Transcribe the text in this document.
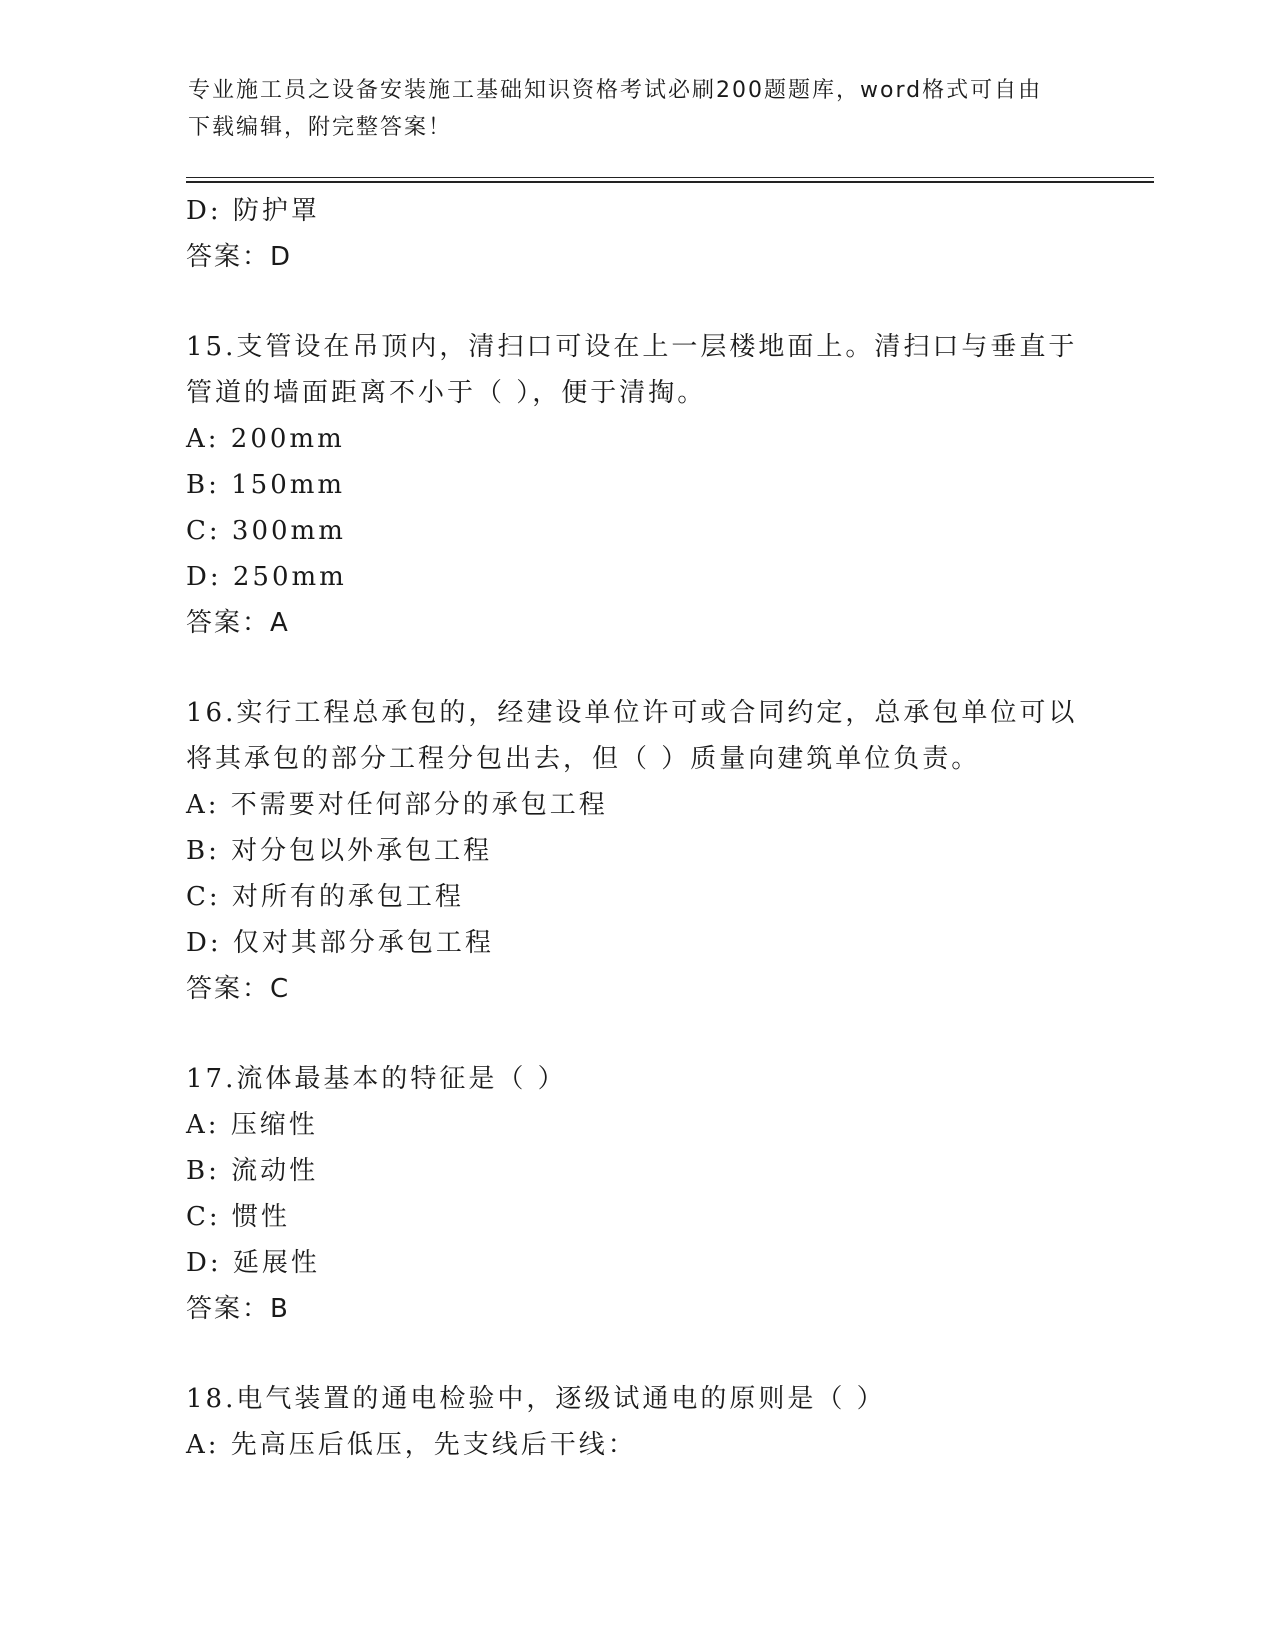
专业施工员之设备安装施工基础知识资格考试必刷200题题库，word格式可自由
下载编辑，附完整答案！
D: 防护罩
答案：D
15.支管设在吊顶内，清扫口可设在上一层楼地面上。清扫口与垂直于
管道的墙面距离不小于（ ），便于清掏。
A: 200mm
B: 150mm
C: 300mm
D: 250mm
答案：A
16.实行工程总承包的，经建设单位许可或合同约定，总承包单位可以
将其承包的部分工程分包出去，但（ ）质量向建筑单位负责。
A: 不需要对任何部分的承包工程
B: 对分包以外承包工程
C: 对所有的承包工程
D: 仅对其部分承包工程
答案：C
17.流体最基本的特征是（ ）
A: 压缩性
B: 流动性
C: 惯性
D: 延展性
答案：B
18.电气装置的通电检验中，逐级试通电的原则是（ ）
A: 先高压后低压，先支线后干线：
